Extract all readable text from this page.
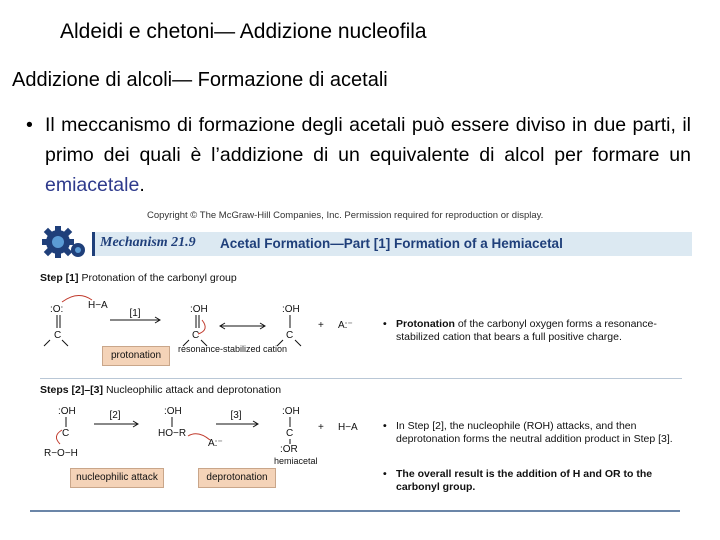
Aldeidi e chetoni— Addizione nucleofila
Addizione di alcoli— Formazione di acetali
• Il meccanismo di formazione degli acetali può essere diviso in due parti, il primo dei quali è l’addizione di un equivalente di alcol per formare un emiacetale.
Copyright © The McGraw-Hill Companies, Inc. Permission required for reproduction or display.
Mechanism 21.9 Acetal Formation—Part [1] Formation of a Hemiacetal
Step [1] Protonation of the carbonyl group
:O: H−A
C
[1]	:OH
C
:OH
C
+ A:⁻
resonance-stabilized cation
protonation
• Protonation of the carbonyl oxygen forms a resonance-stabilized cation that bears a full positive charge.
Steps [2]–[3] Nucleophilic attack and deprotonation
:OH
C
R−O−H
[2]	:OH
HO−R
A:⁻
[3]	:OH
C
:OR
hemiacetal
+ H−A
nucleophilic attack	deprotonation
• In Step [2], the nucleophile (ROH) attacks, and then deprotonation forms the neutral addition product in Step [3].
• The overall result is the addition of H and OR to the carbonyl group.
